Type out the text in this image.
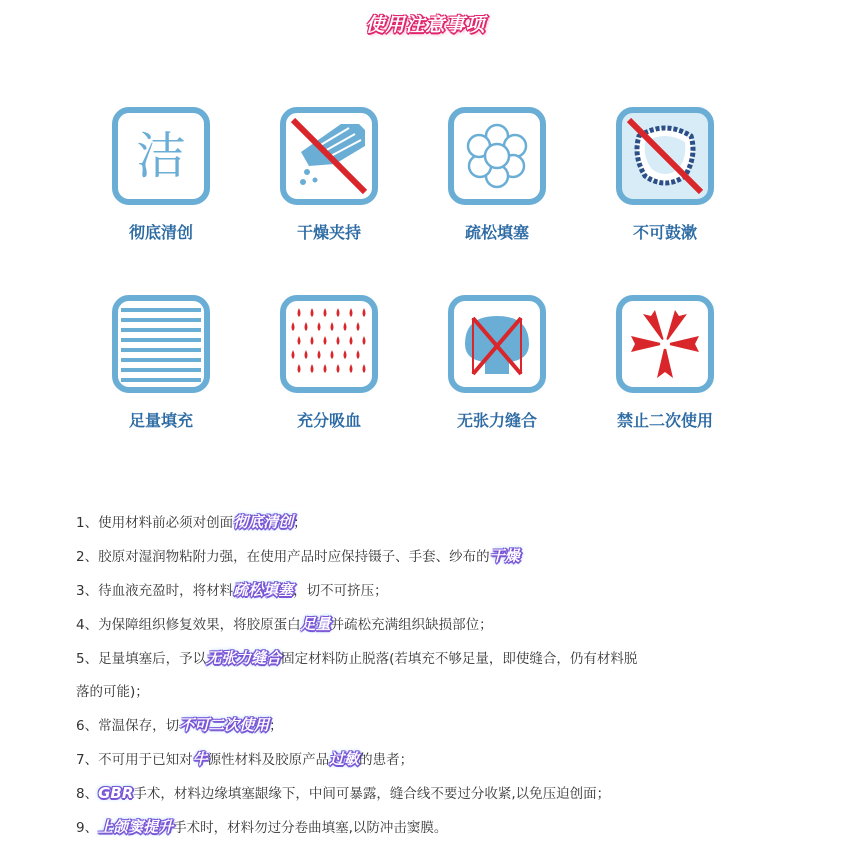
使用注意事项
洁
彻底清创	干燥夹持	疏松填塞	不可鼓漱
足量填充	充分吸血	无张力缝合	禁止二次使用
1、使用材料前必须对创面彻底清创；
2、胶原对湿润物粘附力强，在使用产品时应保持镊子、手套、纱布的干燥
3、待血液充盈时，将材料疏松填塞，切不可挤压；
4、为保障组织修复效果，将胶原蛋白足量并疏松充满组织缺损部位；
5、足量填塞后，予以无张力缝合固定材料防止脱落(若填充不够足量，即使缝合，仍有材料脱
落的可能)；
6、常温保存，切不可二次使用；
7、不可用于已知对牛源性材料及胶原产品过敏的患者；
8、GBR手术，材料边缘填塞龈缘下，中间可暴露，缝合线不要过分收紧,以免压迫创面；
9、上颌窦提升手术时，材料勿过分卷曲填塞,以防冲击窦膜。
